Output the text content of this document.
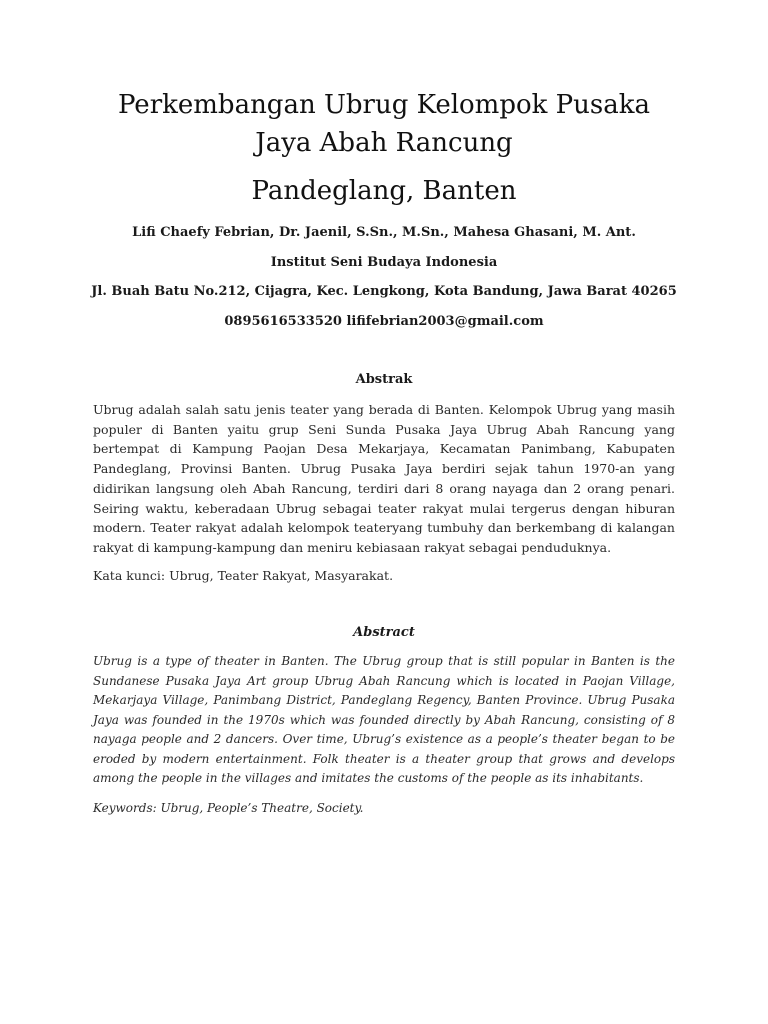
Perkembangan Ubrug Kelompok Pusaka
Jaya Abah Rancung
Pandeglang, Banten

Lifi Chaefy Febrian, Dr. Jaenil, S.Sn., M.Sn., Mahesa Ghasani, M. Ant.

Institut Seni Budaya Indonesia

Jl. Buah Batu No.212, Cijagra, Kec. Lengkong, Kota Bandung, Jawa Barat 40265

0895616533520 lififebrian2003@gmail.com

Abstrak

Ubrug adalah salah satu jenis teater yang berada di Banten. Kelompok Ubrug yang masih populer di Banten yaitu grup Seni Sunda Pusaka Jaya Ubrug Abah Rancung yang bertempat di Kampung Paojan Desa Mekarjaya, Kecamatan Panimbang, Kabupaten Pandeglang, Provinsi Banten. Ubrug Pusaka Jaya berdiri sejak tahun 1970-an yang didirikan langsung oleh Abah Rancung, terdiri dari 8 orang nayaga dan 2 orang penari. Seiring waktu, keberadaan Ubrug sebagai teater rakyat mulai tergerus dengan hiburan modern. Teater rakyat adalah kelompok teateryang tumbuhy dan berkembang di kalangan rakyat di kampung-kampung dan meniru kebiasaan rakyat sebagai penduduknya.

Kata kunci: Ubrug, Teater Rakyat, Masyarakat.

Abstract

Ubrug is a type of theater in Banten. The Ubrug group that is still popular in Banten is the Sundanese Pusaka Jaya Art group Ubrug Abah Rancung which is located in Paojan Village, Mekarjaya Village, Panimbang District, Pandeglang Regency, Banten Province. Ubrug Pusaka Jaya was founded in the 1970s which was founded directly by Abah Rancung, consisting of 8 nayaga people and 2 dancers. Over time, Ubrug’s existence as a people’s theater began to be eroded by modern entertainment. Folk theater is a theater group that grows and develops among the people in the villages and imitates the customs of the people as its inhabitants.

Keywords: Ubrug, People’s Theatre, Society.
